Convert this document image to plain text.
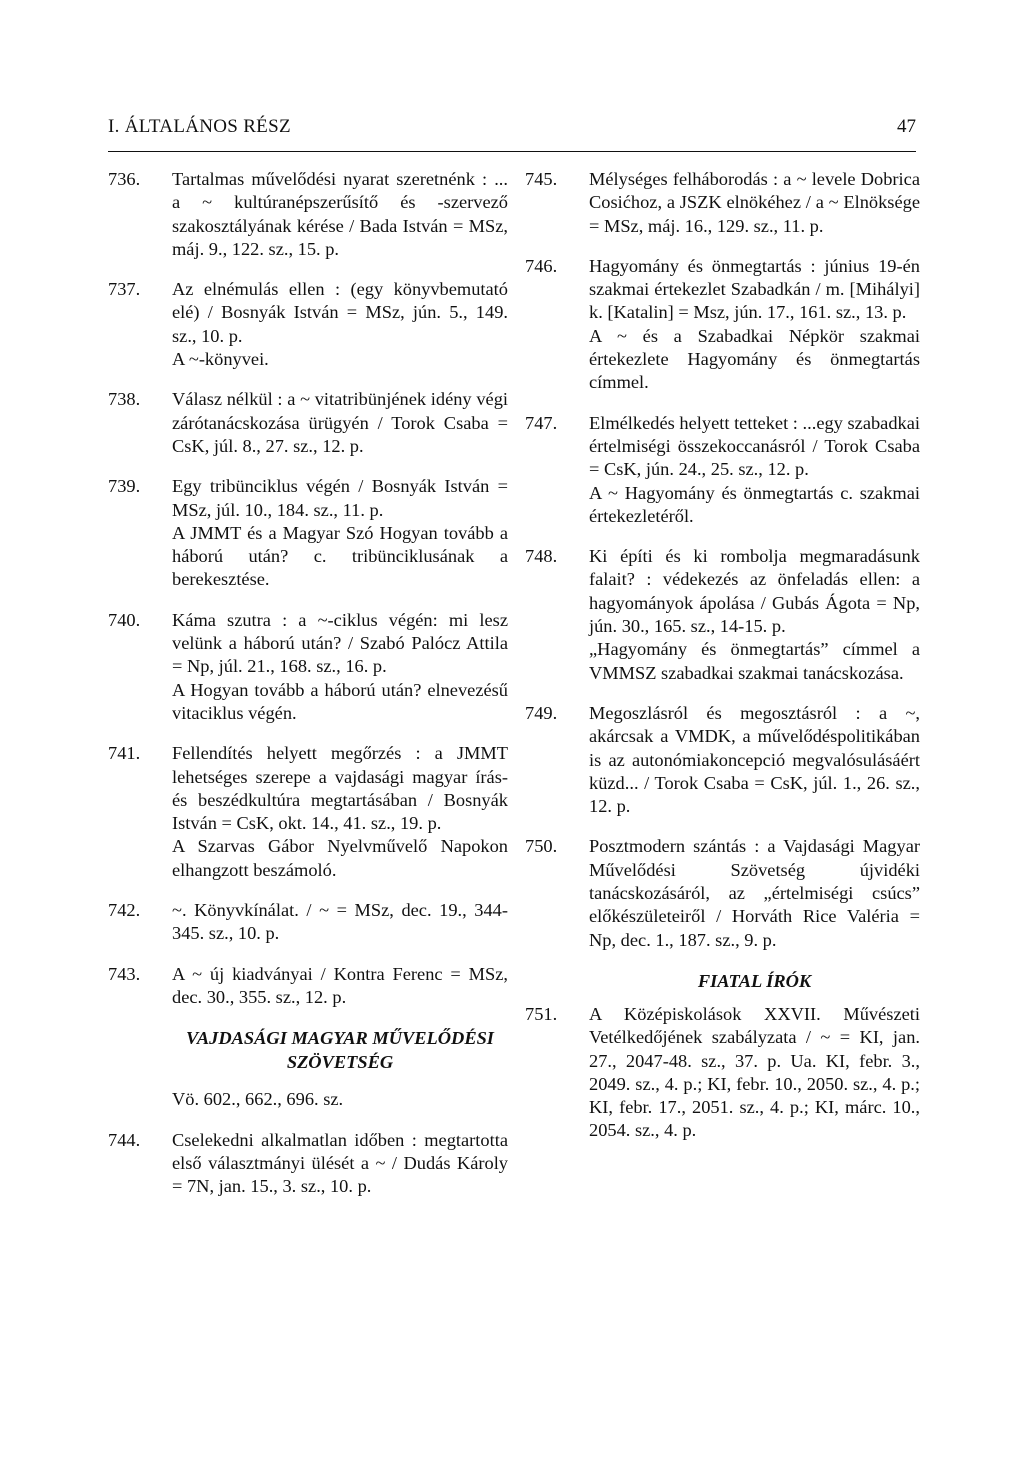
I. ÁLTALÁNOS RÉSZ	47
736.	Tartalmas művelődési nyarat szeretnénk : ... a ~ kultúranépszerűsítő és -szervező szakosztályának kérése / Bada István = MSz, máj. 9., 122. sz., 15. p.

737.	Az elnémulás ellen : (egy könyvbemutató elé) / Bosnyák István = MSz, jún. 5., 149. sz., 10. p.

A ~-könyvei.

738.	Válasz nélkül : a ~ vitatribünjének idény végi zárótanácskozása ürügyén / Torok Csaba = CsK, júl. 8., 27. sz., 12. p.

739.	Egy tribünciklus végén / Bosnyák István = MSz, júl. 10., 184. sz., 11. p.

A JMMT és a Magyar Szó Hogyan tovább a háború után? c. tribünciklusának a berekesztése.

740.	Káma szutra : a ~-ciklus végén: mi lesz velünk a háború után? / Szabó Palócz Attila = Np, júl. 21., 168. sz., 16. p.

A Hogyan tovább a háború után? elnevezésű vitaciklus végén.

741.	Fellendítés helyett megőrzés : a JMMT lehetséges szerepe a vajdasági magyar írás- és beszédkultúra megtartásában / Bosnyák István = CsK, okt. 14., 41. sz., 19. p.

A Szarvas Gábor Nyelvművelő Napokon elhangzott beszámoló.

742.	~. Könyvkínálat. / ~ = MSz, dec. 19., 344-345. sz., 10. p.

743.	A ~ új kiadványai / Kontra Ferenc = MSz, dec. 30., 355. sz., 12. p.

VAJDASÁGI MAGYAR MŰVELŐDÉSI SZÖVETSÉG
Vö. 602., 662., 696. sz.
744.	Cselekedni alkalmatlan időben : megtartotta első választmányi ülését a ~ / Dudás Károly = 7N, jan. 15., 3. sz., 10. p.

745.	Mélységes felháborodás : a ~ levele Dobrica Cosićhoz, a JSZK elnökéhez / a ~ Elnöksége = MSz, máj. 16., 129. sz., 11. p.

746.	Hagyomány és önmegtartás : június 19-én szakmai értekezlet Szabadkán / m. [Mihályi] k. [Katalin] = Msz, jún. 17., 161. sz., 13. p.

A ~ és a Szabadkai Népkör szakmai értekezlete Hagyomány és önmegtartás címmel.

747.	Elmélkedés helyett tetteket : ...egy szabadkai értelmiségi összekoccanásról / Torok Csaba = CsK, jún. 24., 25. sz., 12. p.

A ~ Hagyomány és önmegtartás c. szakmai értekezletéről.

748.	Ki építi és ki rombolja megmaradásunk falait? : védekezés az önfeladás ellen: a hagyományok ápolása / Gubás Ágota = Np, jún. 30., 165. sz., 14-15. p.

„Hagyomány és önmegtartás” címmel a VMMSZ szabadkai szakmai tanácskozása.

749.	Megoszlásról és megosztásról : a ~, akárcsak a VMDK, a művelődéspolitikában is az autonómiakoncepció megvalósulásáért küzd... / Torok Csaba = CsK, júl. 1., 26. sz., 12. p.

750.	Posztmodern szántás : a Vajdasági Magyar Művelődési Szövetség újvidéki tanácskozásáról, az „értelmiségi csúcs” előkészületeiről / Horváth Rice Valéria = Np, dec. 1., 187. sz., 9. p.

FIATAL ÍRÓK
751.	A Középiskolások XXVII. Művészeti Vetélkedőjének szabályzata / ~ = KI, jan. 27., 2047-48. sz., 37. p. Ua. KI, febr. 3., 2049. sz., 4. p.; KI, febr. 10., 2050. sz., 4. p.; KI, febr. 17., 2051. sz., 4. p.; KI, márc. 10., 2054. sz., 4. p.
